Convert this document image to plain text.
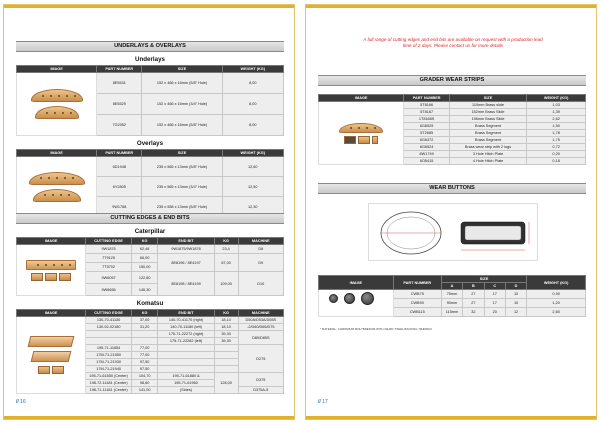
UNDERLAYS & OVERLAYS
Underlays
IMAGE	PART NUMBER	SIZE	WEIGHT (KG)

	8E5531	152 x 466 x 16mm (5/8" Hole)	8,00
	8E5529	152 x 466 x 16mm (3/4" Hole)	8,00
	7G2052	152 x 466 x 16mm (5/8" Hole)	8,00
Overlays
IMAGE	PART NUMBER	SIZE	WEIGHT (KG)

	6D1948	235 x 565 x 13mm (5/8" Hole)	12,60
	6Y2805	235 x 565 x 13mm (3/4" Hole)	12,50
	9W1768	235 x 558 x 13mm (5/8" Hole)	12,30
CUTTING EDGES & END BITS
Caterpillar
IMAGE	CUTTING EDGE	KG	END BIT	KG	MACHINE

	9W1876	62,46	9W1875/9W1876	23,4	D6
	7T9125	66,00	8E8196 / 8E4197	67,00	D9
	7T5702	150,00			
	9W6057	122,80	8E8198 / 8E4199	109,00	D10
	9W6656	146,30			
Komatsu
IMAGE	CUTTING EDGE	KG	END BIT	KG	MACHINE

	130-70-41130	37,00	140-70-41170 (right)	18,10	D50A/D53A/D55S
	130-92-02180	31,20	140-70-11180 (left)	18,10	-2/D60/D65/D75
			175-71-22272 (right)	39,30	D80/D85S
			175-71-22282 (left)	39,30	
	195-71-11654	77,00			D275
	17M-71-21550	77,00			
	17M-71-21930	97,50			
	17M-71-21940	97,50			
	195-71-61550 (Center)	104,70	195-71-61880 &	128,00	D375
	198-72-11181 (Center)	98,60	195-71-61960		
	198-71-11181 (Center)	141,00	(Sides)		D375A-5
// 16
A full range of cutting edges and end bits are available on request with a production lead
time of 2 days. Please contact us for more details
GRADER WEAR STRIPS
IMAGE	PART NUMBER	SIZE	WEIGHT (KG)

	5T8166	110mm Brass slide	1,03
	5T8167	152mm Brass Slide	1,39
	1T8168S	196mm Brass Slide	2,62
	6G6525	Brass Segment	1,50
	5T2685	Brass Segment	1,78
	6G6372	Brass Segment	1,75
	6G6524	Brass wear strip with 2 lugs	0,72
	8W1749	3 Hole Hitch Plate	0,20
	6O5415	4 Hole Hitch Plate	0,18
WEAR BUTTONS
IMAGE	PART NUMBER	SIZE				WEIGHT (KG)
		A	B	C	D	

	CWB75	75mm	27	17	10	0,90
	CWB90	90mm	27	17	10	1,20
	CWB115	115mm	32	20	12	2,60
* MATERIAL: CHROMIUM MOLYBDENUM WITH 44HRC STEEL BACKING 70HRMAX
// 17
